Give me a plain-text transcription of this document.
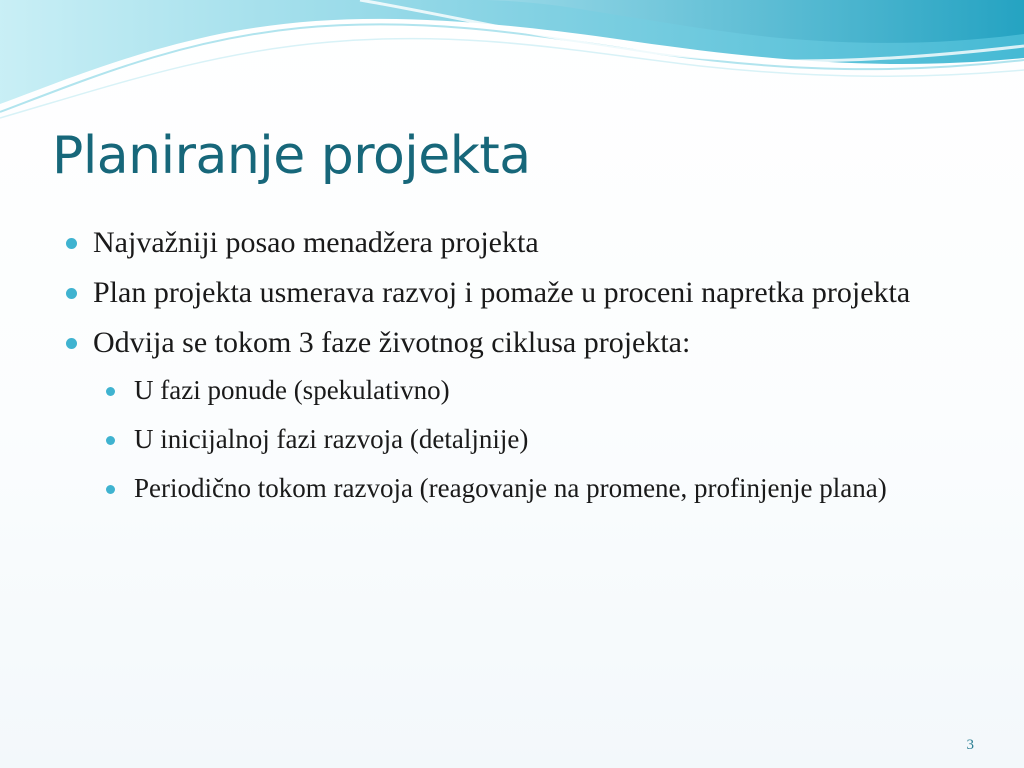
Planiranje projekta
Najvažniji posao menadžera projekta
Plan projekta usmerava razvoj i pomaže u proceni napretka projekta
Odvija se tokom 3 faze životnog ciklusa projekta:
U fazi ponude (spekulativno)
U inicijalnoj fazi razvoja (detaljnije)
Periodično tokom razvoja (reagovanje na promene, profinjenje plana)
3
